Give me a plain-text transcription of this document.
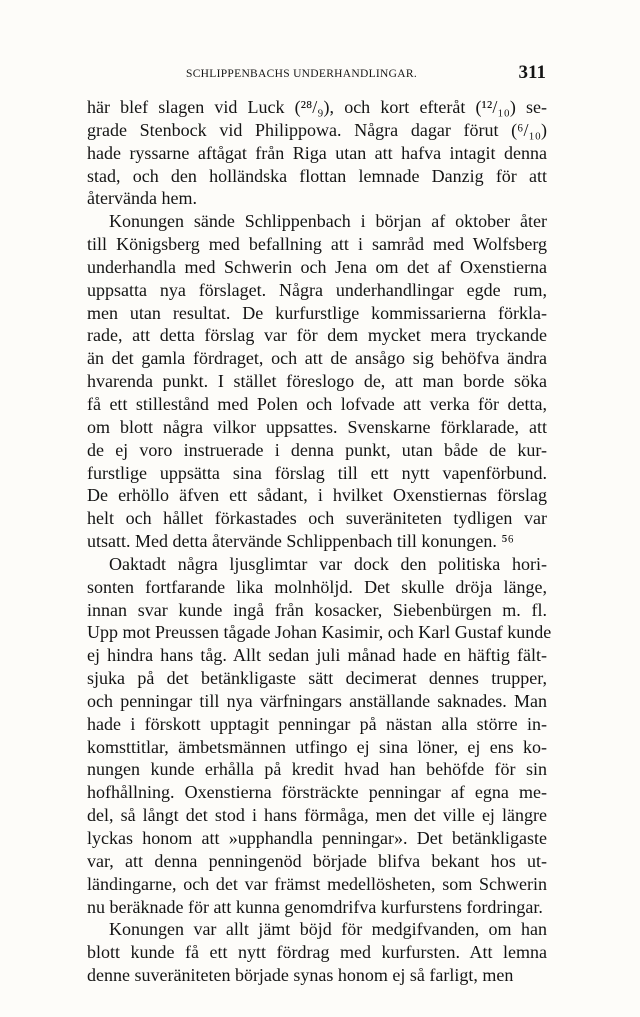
SCHLIPPENBACHS UNDERHANDLINGAR.	311
här blef slagen vid Luck (²⁸/₉), och kort efteråt (¹²/₁₀) se-
grade Stenbock vid Philippowa. Några dagar förut (⁶/₁₀)
hade ryssarne aftågat från Riga utan att hafva intagit denna
stad, och den holländska flottan lemnade Danzig för att
återvända hem.
Konungen sände Schlippenbach i början af oktober åter
till Königsberg med befallning att i samråd med Wolfsberg
underhandla med Schwerin och Jena om det af Oxenstierna
uppsatta nya förslaget. Några underhandlingar egde rum,
men utan resultat. De kurfurstlige kommissarierna förkla-
rade, att detta förslag var för dem mycket mera tryckande
än det gamla fördraget, och att de ansågo sig behöfva ändra
hvarenda punkt. I stället föreslogo de, att man borde söka
få ett stillestånd med Polen och lofvade att verka för detta,
om blott några vilkor uppsattes. Svenskarne förklarade, att
de ej voro instruerade i denna punkt, utan både de kur-
furstlige uppsätta sina förslag till ett nytt vapenförbund.
De erhöllo äfven ett sådant, i hvilket Oxenstiernas förslag
helt och hållet förkastades och suveräniteten tydligen var
utsatt. Med detta återvände Schlippenbach till konungen. ⁵⁶
Oaktadt några ljusglimtar var dock den politiska hori-
sonten fortfarande lika molnhöljd. Det skulle dröja länge,
innan svar kunde ingå från kosacker, Siebenbürgen m. fl.
Upp mot Preussen tågade Johan Kasimir, och Karl Gustaf kunde
ej hindra hans tåg. Allt sedan juli månad hade en häftig fält-
sjuka på det betänkligaste sätt decimerat dennes trupper,
och penningar till nya värfningars anställande saknades. Man
hade i förskott upptagit penningar på nästan alla större in-
komsttitlar, ämbetsmännen utfingo ej sina löner, ej ens ko-
nungen kunde erhålla på kredit hvad han behöfde för sin
hofhållning. Oxenstierna försträckte penningar af egna me-
del, så långt det stod i hans förmåga, men det ville ej längre
lyckas honom att »upphandla penningar». Det betänkligaste
var, att denna penningenöd började blifva bekant hos ut-
ländingarne, och det var främst medellösheten, som Schwerin
nu beräknade för att kunna genomdrifva kurfurstens fordringar.
Konungen var allt jämt böjd för medgifvanden, om han
blott kunde få ett nytt fördrag med kurfursten. Att lemna
denne suveräniteten började synas honom ej så farligt, men
